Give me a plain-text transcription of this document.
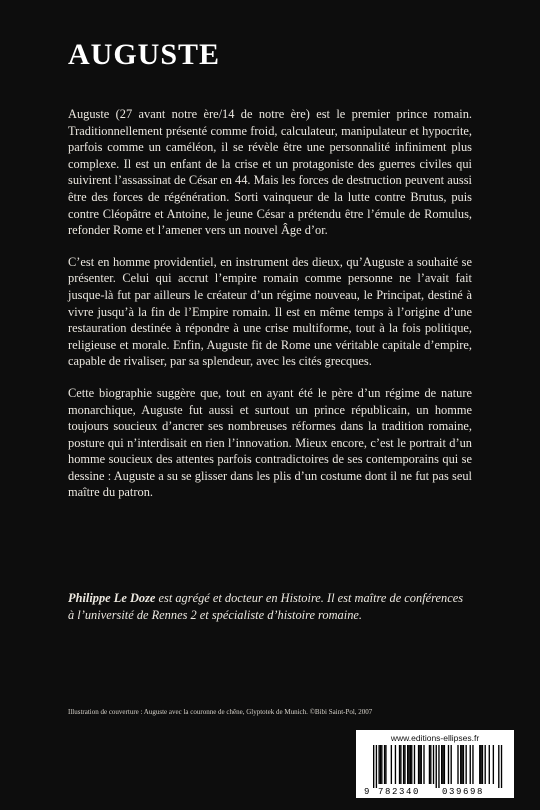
AUGUSTE

Auguste (27 avant notre ère/14 de notre ère) est le premier prince romain. Traditionnellement présenté comme froid, calculateur, manipulateur et hypocrite, parfois comme un caméléon, il se révèle être une personnalité infiniment plus complexe. Il est un enfant de la crise et un protagoniste des guerres civiles qui suivirent l’assassinat de César en 44. Mais les forces de destruction peuvent aussi être des forces de régénération. Sorti vainqueur de la lutte contre Brutus, puis contre Cléopâtre et Antoine, le jeune César a prétendu être l’émule de Romulus, refonder Rome et l’amener vers un nouvel Âge d’or.

C’est en homme providentiel, en instrument des dieux, qu’Auguste a souhaité se présenter. Celui qui accrut l’empire romain comme personne ne l’avait fait jusque-là fut par ailleurs le créateur d’un régime nouveau, le Principat, destiné à vivre jusqu’à la fin de l’Empire romain. Il est en même temps à l’origine d’une restauration destinée à répondre à une crise multiforme, tout à la fois politique, religieuse et morale. Enfin, Auguste fit de Rome une véritable capitale d’empire, capable de rivaliser, par sa splendeur, avec les cités grecques.

Cette biographie suggère que, tout en ayant été le père d’un régime de nature monarchique, Auguste fut aussi et surtout un prince républicain, un homme toujours soucieux d’ancrer ses nombreuses réformes dans la tradition romaine, posture qui n’interdisait en rien l’innovation. Mieux encore, c’est le portrait d’un homme soucieux des attentes parfois contradictoires de ses contemporains qui se dessine : Auguste a su se glisser dans les plis d’un costume dont il ne fut pas seul maître du patron.

Philippe Le Doze est agrégé et docteur en Histoire. Il est maître de conférences à l’université de Rennes 2 et spécialiste d’histoire romaine.
Illustration de couverture : Auguste avec la couronne de chêne, Glyptotek de Munich. ©Bibi Saint-Pol, 2007
www.editions-ellipses.fr
9 782340 039698
